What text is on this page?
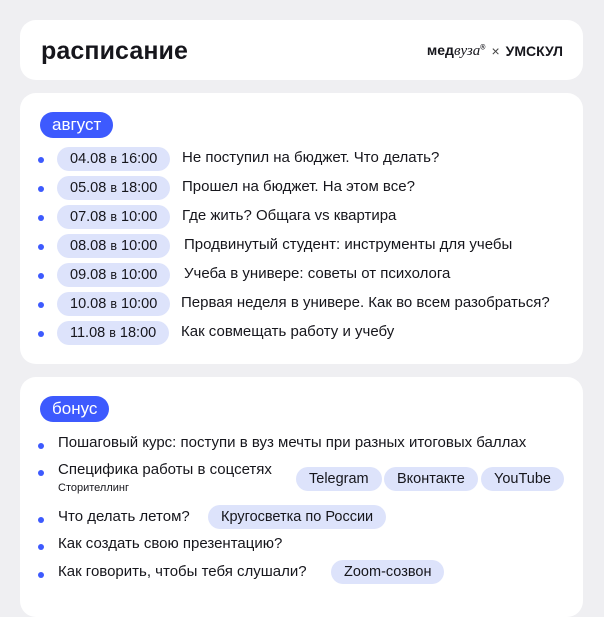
расписание	медвуза® × УМСКУЛ
август
04.08 в 16:00	Не поступил на бюджет. Что делать?
05.08 в 18:00	Прошел на бюджет. На этом все?
07.08 в 10:00	Где жить? Общага vs квартира
08.08 в 10:00	Продвинутый студент: инструменты для учебы
09.08 в 10:00	Учеба в универе: советы от психолога
10.08 в 10:00	Первая неделя в универе. Как во всем разобраться?
11.08 в 18:00	Как совмещать работу и учебу
бонус
Пошаговый курс: поступи в вуз мечты при разных итоговых баллах
Специфика работы в соцсетях
Сторителлинг
Telegram	Вконтакте	YouTube
Что делать летом?	Кругосветка по России
Как создать свою презентацию?
Как говорить, чтобы тебя слушали?	Zoom-созвон
